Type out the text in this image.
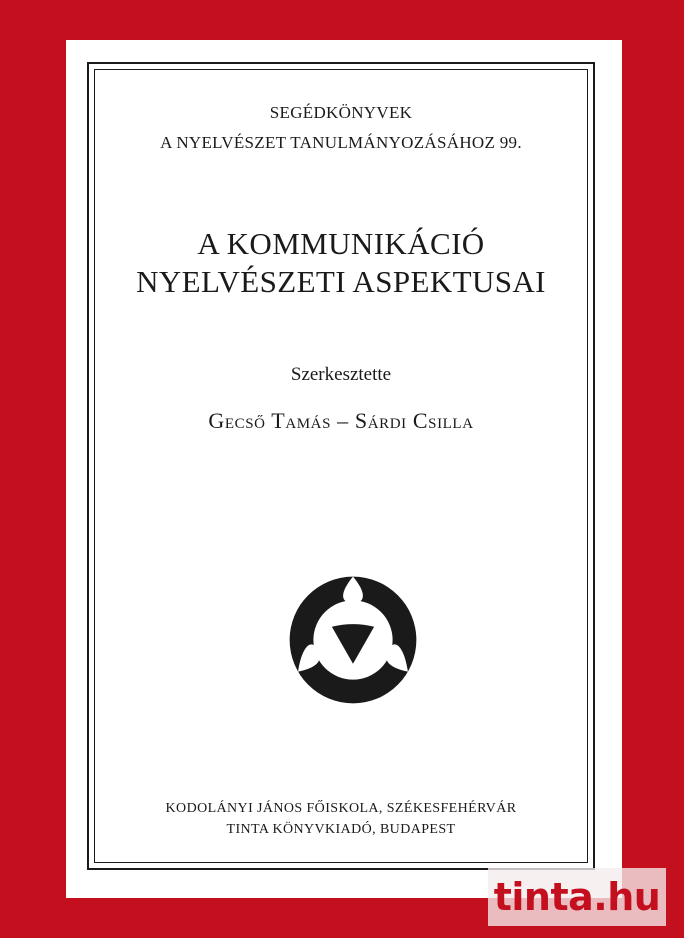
SEGÉDKÖNYVEK
A NYELVÉSZET TANULMÁNYOZÁSÁHOZ 99.
A KOMMUNIKÁCIÓ
NYELVÉSZETI ASPEKTUSAI
Szerkesztette
Gecső Tamás – Sárdi Csilla
KODOLÁNYI JÁNOS FŐISKOLA, SZÉKESFEHÉRVÁR
TINTA KÖNYVKIADÓ, BUDAPEST
tinta.hu
